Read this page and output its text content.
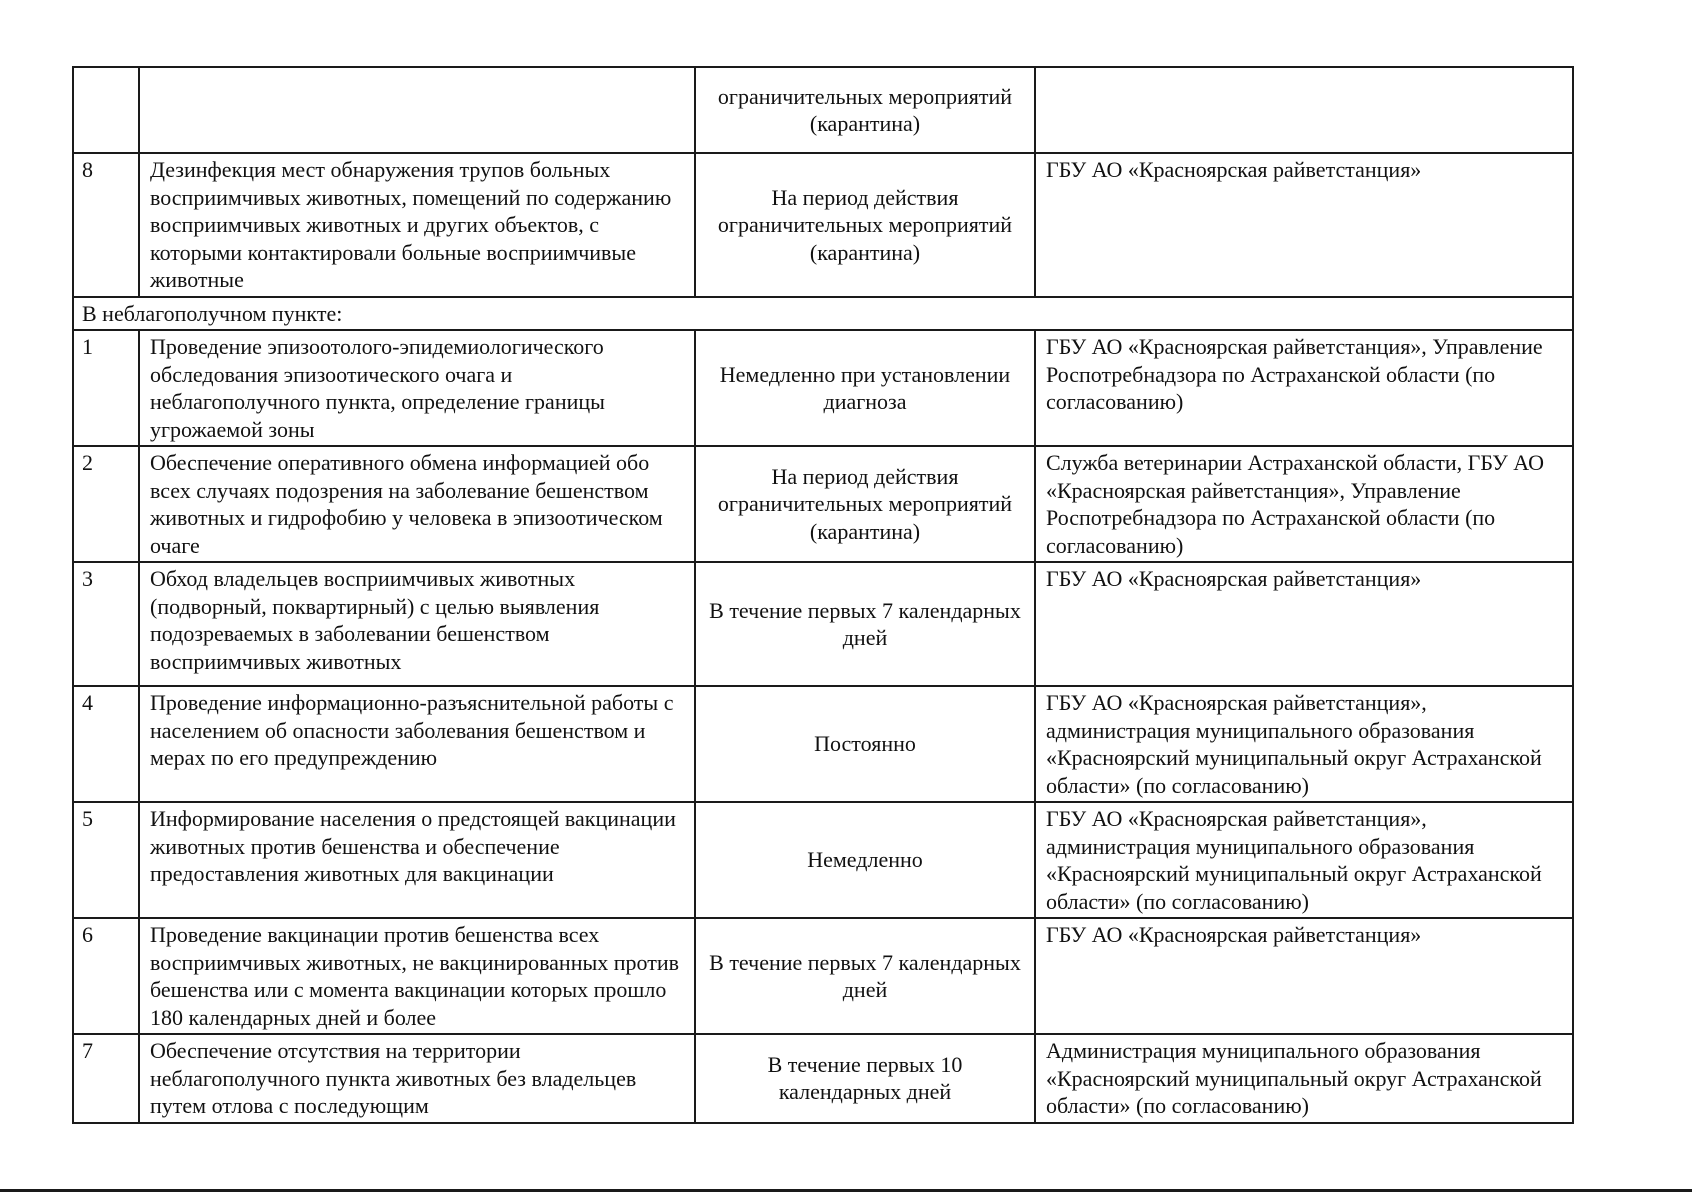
		ограничительных мероприятий (карантина)	
8	Дезинфекция мест обнаружения трупов больных восприимчивых животных, помещений по содержанию восприимчивых животных и других объектов, с которыми контактировали больные восприимчивые животные	На период действия ограничительных мероприятий (карантина)	ГБУ АО «Красноярская райветстанция»
В неблагополучном пункте:			
1	Проведение эпизоотолого-эпидемиологического обследования эпизоотического очага и неблагополучного пункта, определение границы угрожаемой зоны	Немедленно при установлении диагноза	ГБУ АО «Красноярская райветстанция», Управление Роспотребнадзора по Астраханской области (по согласованию)
2	Обеспечение оперативного обмена информацией обо всех случаях подозрения на заболевание бешенством животных и гидрофобию у человека в эпизоотическом очаге	На период действия ограничительных мероприятий (карантина)	Служба ветеринарии Астраханской области, ГБУ АО «Красноярская райветстанция», Управление Роспотребнадзора по Астраханской области (по согласованию)
3	Обход владельцев восприимчивых животных (подворный, поквартирный) с целью выявления подозреваемых в заболевании бешенством восприимчивых животных	В течение первых 7 календарных дней	ГБУ АО «Красноярская райветстанция»
4	Проведение информационно-разъяснительной работы с населением об опасности заболевания бешенством и мерах по его предупреждению	Постоянно	ГБУ АО «Красноярская райветстанция», администрация муниципального образования «Красноярский муниципальный округ Астраханской области» (по согласованию)
5	Информирование населения о предстоящей вакцинации животных против бешенства и обеспечение предоставления животных для вакцинации	Немедленно	ГБУ АО «Красноярская райветстанция», администрация муниципального образования «Красноярский муниципальный округ Астраханской области» (по согласованию)
6	Проведение вакцинации против бешенства всех восприимчивых животных, не вакцинированных против бешенства или с момента вакцинации которых прошло 180 календарных дней и более	В течение первых 7 календарных дней	ГБУ АО «Красноярская райветстанция»
7	Обеспечение отсутствия на территории неблагополучного пункта животных без владельцев путем отлова с последующим	В течение первых 10 календарных дней	Администрация муниципального образования «Красноярский муниципальный округ Астраханской области» (по согласованию)
